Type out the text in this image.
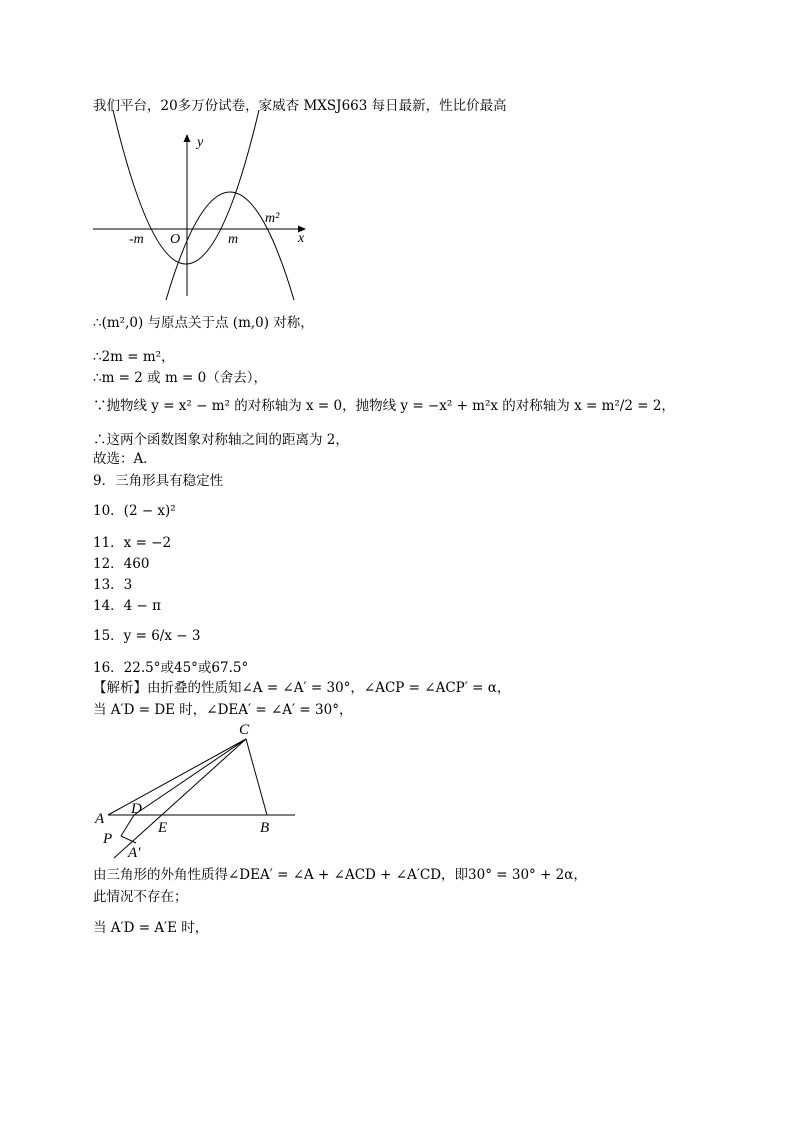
我们平台，20多万份试卷，家威杏 MXSJ663 每日最新，性比价最高
y
x
O
-m	m
m²
∴(m²,0) 与原点关于点 (m,0) 对称，
∴2m = m²，
∴m = 2 或 m = 0（舍去），
∵抛物线 y = x² − m² 的对称轴为 x = 0，抛物线 y = −x² + m²x 的对称轴为 x = m²/2 = 2，
∴这两个函数图象对称轴之间的距离为 2，
故选：A．
9．三角形具有稳定性
10．(2 − x)²
11．x = −2
12．460
13．3
14．4 − π
15．y = 6/x − 3
16．22.5°或45°或67.5°
【解析】由折叠的性质知∠A = ∠A′ = 30°，∠ACP = ∠ACP′ = α，
当 A′D = DE 时，∠DEA′ = ∠A′ = 30°，
C
A
D
P
E	B
A′
由三角形的外角性质得∠DEA′ = ∠A + ∠ACD + ∠A′CD，即30° = 30° + 2α，
此情况不存在；
当 A′D = A′E 时，
